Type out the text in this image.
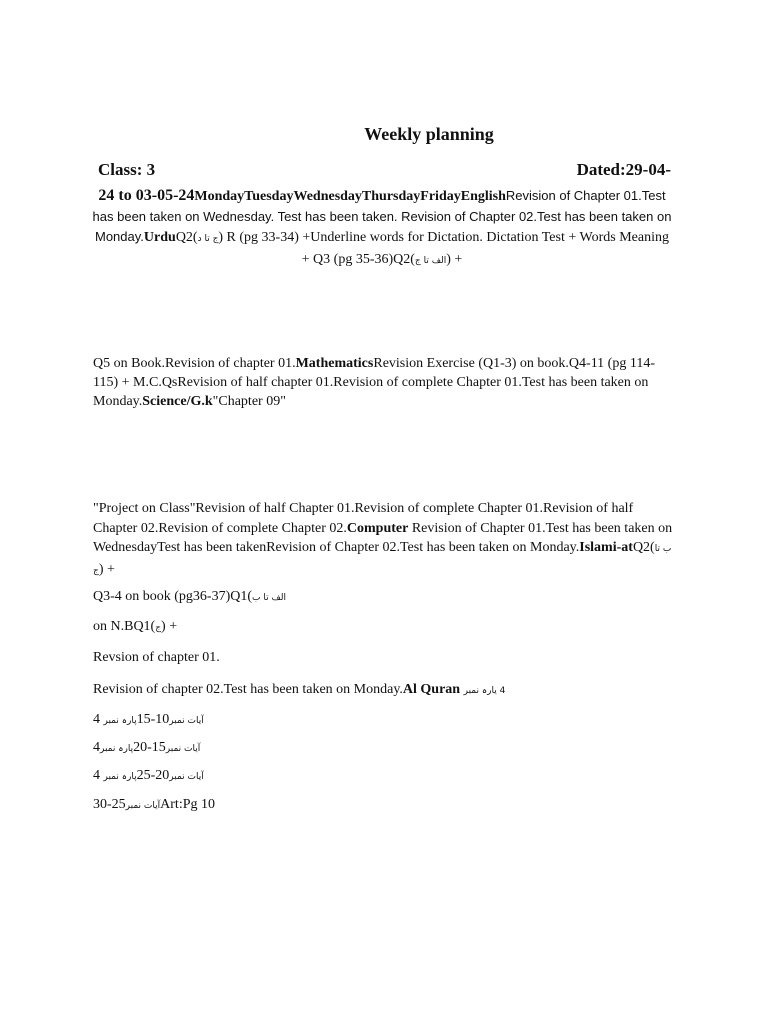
Weekly planning
Class: 3	Dated:29-04-
24 to 03-05-24MondayTuesdayWednesdayThursdayFridayEnglishRevision of Chapter 01.Test has been taken on Wednesday. Test has been taken. Revision of Chapter 02.Test has been taken on Monday.UrduQ2(ج تا د) R (pg 33-34) +Underline words for Dictation. Dictation Test + Words Meaning + Q3 (pg 35-36)Q2(الف تا ج) +
Q5 on Book.Revision of chapter 01.MathematicsRevision Exercise (Q1-3) on book.Q4-11 (pg 114-115) + M.C.QsRevision of half chapter 01.Revision of complete Chapter 01.Test has been taken on Monday.Science/G.k"Chapter 09"
"Project on Class"Revision of half Chapter 01.Revision of complete Chapter 01.Revision of half Chapter 02.Revision of complete Chapter 02.Computer Revision of Chapter 01.Test has been taken on WednesdayTest has been takenRevision of Chapter 02.Test has been taken on Monday.Islami-atQ2(ب تا ج) +
Q3-4 on book (pg36-37)Q1(الف تا ب
on N.BQ1(ج) +
Revsion of chapter 01.
Revision of chapter 02.Test has been taken on Monday.Al Quran 4 یارہ نمبر
4 پارہ نمبر15-10آیات نمبر
4پارہ نمبر20-15آیات نمبر
4 پارہ نمبر25-20آیات نمبر
30-25آیات نمبرArt:Pg 10
